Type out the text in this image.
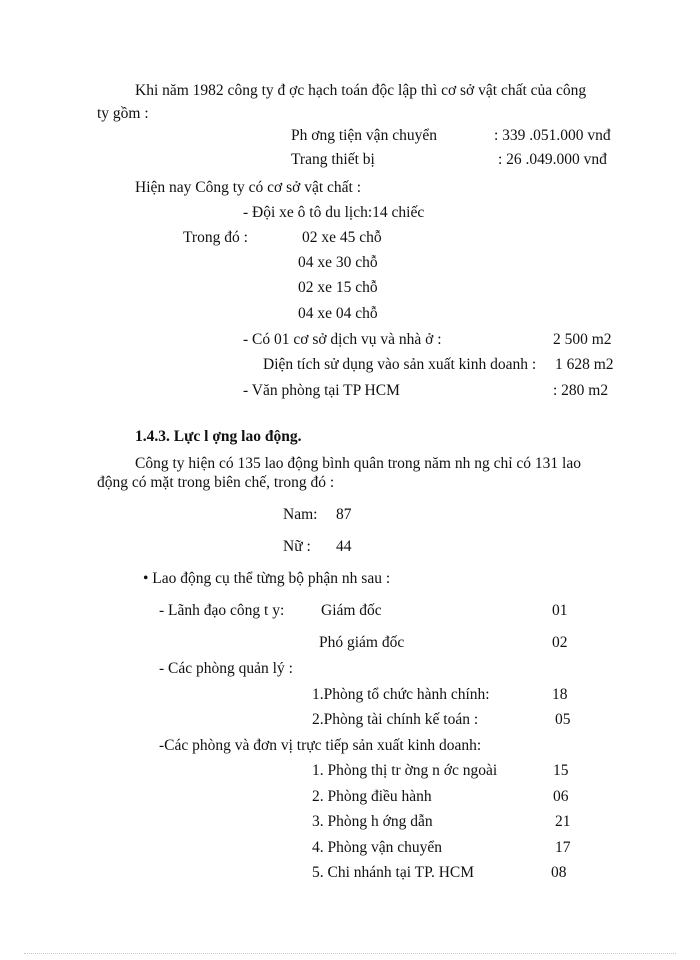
Khi năm 1982 công ty đ ợc hạch toán độc lập thì cơ sở vật chất của công
ty gồm :
Ph ơng tiện vận chuyển	: 339 .051.000 vnđ
Trang thiết bị	: 26 .049.000 vnđ
Hiện nay Công ty có cơ sở vật chất :
- Đội xe ô tô du lịch:14 chiếc
Trong đó :	02 xe 45 chỗ
04 xe 30 chỗ
02 xe 15 chỗ
04 xe 04 chỗ
- Có 01 cơ sở dịch vụ và nhà ở :	2 500 m2
Diện tích sử dụng vào sản xuất kinh doanh : 1 628 m2
- Văn phòng tại TP HCM	: 280 m2
1.4.3. Lực l ợng lao động.
Công ty hiện có 135 lao động bình quân trong năm nh ng chỉ có 131 lao
động có mặt trong biên chế, trong đó :
Nam: 87
Nữ : 44
• Lao động cụ thể từng bộ phận nh sau :
- Lãnh đạo công t y: Giám đốc	01
Phó giám đốc	02
- Các phòng quản lý :
1.Phòng tổ chức hành chính:	18
2.Phòng tài chính kế toán :	05
-Các phòng và đơn vị trực tiếp sản xuất kinh doanh:
1. Phòng thị tr ờng n ớc ngoài	15
2. Phòng điều hành	06
3. Phòng h ớng dẫn	21
4. Phòng vận chuyển	17
5. Chi nhánh tại TP. HCM	08
